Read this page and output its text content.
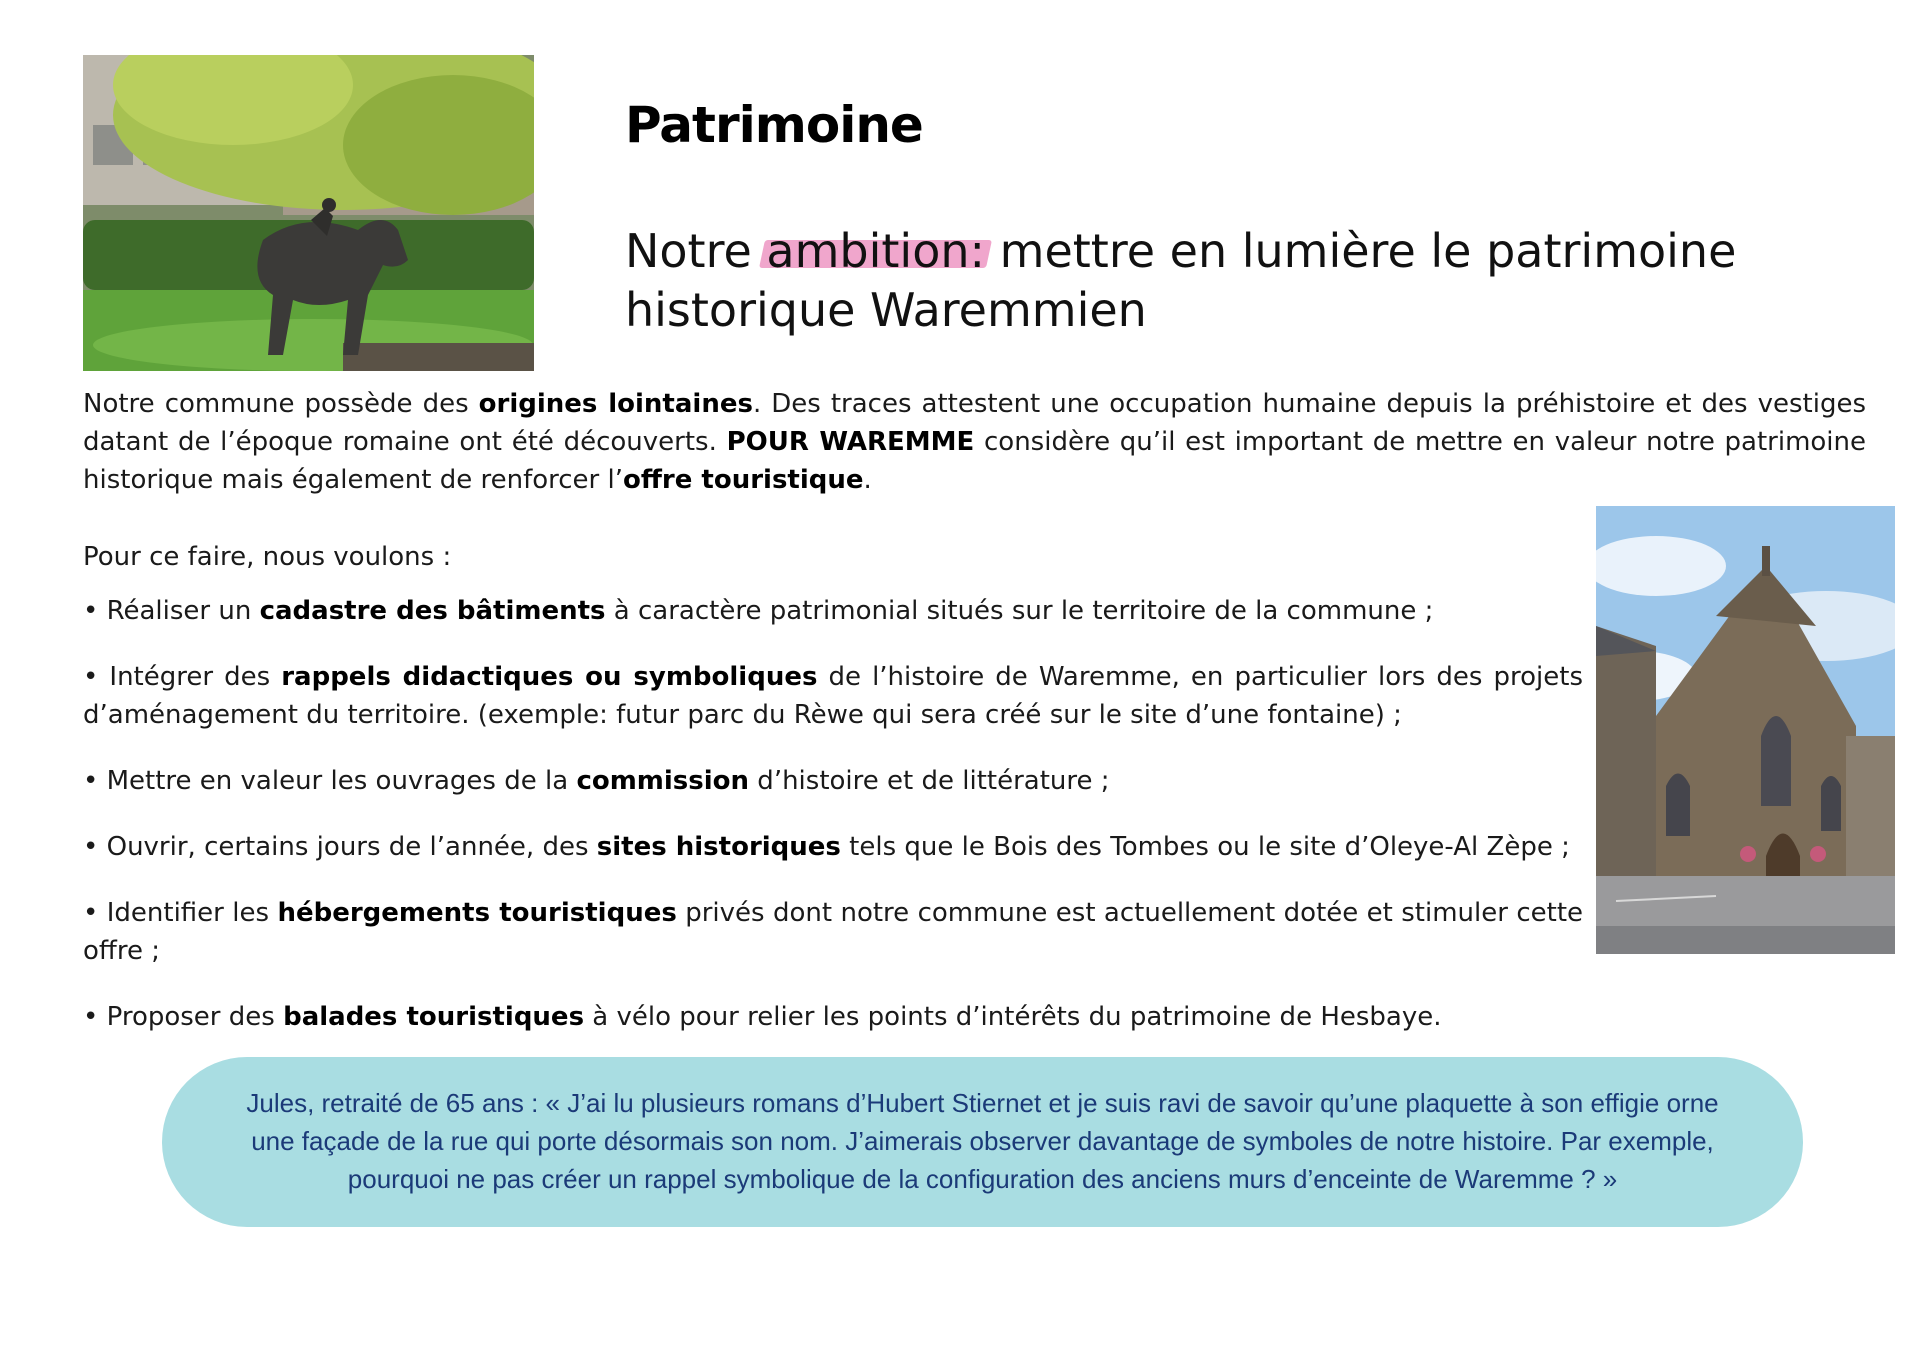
Patrimoine
Notre ambition: mettre en lumière le patrimoine historique Waremmien

Notre commune possède des origines lointaines. Des traces attestent une occupation humaine depuis la préhistoire et des vestiges datant de l’époque romaine ont été découverts. POUR WAREMME considère qu’il est important de mettre en valeur notre patrimoine historique mais également de renforcer l’offre touristique.

Pour ce faire, nous voulons :

• Réaliser un cadastre des bâtiments à caractère patrimonial situés sur le territoire de la commune ;

• Intégrer des rappels didactiques ou symboliques de l’histoire de Waremme, en particulier lors des projets d’aménagement du territoire. (exemple: futur parc du Rèwe qui sera créé sur le site d’une fontaine) ;

• Mettre en valeur les ouvrages de la commission d’histoire et de littérature ;

• Ouvrir, certains jours de l’année, des sites historiques tels que le Bois des Tombes ou le site d’Oleye-Al Zèpe ;

• Identifier les hébergements touristiques privés dont notre commune est actuellement dotée et stimuler cette offre ;

• Proposer des balades touristiques à vélo pour relier les points d’intérêts du patrimoine de Hesbaye.

Jules, retraité de 65 ans : « J’ai lu plusieurs romans d’Hubert Stiernet et je suis ravi de savoir qu’une plaquette à son effigie orne une façade de la rue qui porte désormais son nom. J’aimerais observer davantage de symboles de notre histoire. Par exemple, pourquoi ne pas créer un rappel symbolique de la configuration des anciens murs d’enceinte de Waremme ? »
